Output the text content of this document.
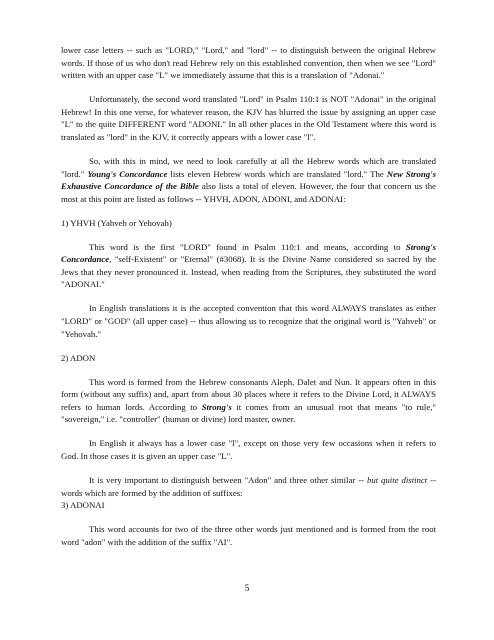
lower case letters -- such as "LORD," "Lord," and "lord" -- to distinguish between the original Hebrew words. If those of us who don't read Hebrew rely on this established convention, then when we see "Lord" written with an upper case "L" we immediately assume that this is a translation of "Adonai."

Unfortunately, the second word translated "Lord" in Psalm 110:1 is NOT "Adonai" in the original Hebrew! In this one verse, for whatever reason, the KJV has blurred the issue by assigning an upper case "L" to the quite DIFFERENT word "ADONI." In all other places in the Old Testament where this word is translated as "lord" in the KJV, it correctly appears with a lower case "l".

So, with this in mind, we need to look carefully at all the Hebrew words which are translated "lord." Young's Concordance lists eleven Hebrew words which are translated "lord." The New Strong's Exhaustive Concordance of the Bible also lists a total of eleven. However, the four that concern us the most at this point are listed as follows -- YHVH, ADON, ADONI, and ADONAI:

1) YHVH (Yahveh or Yehovah)

This word is the first "LORD" found in Psalm 110:1 and means, according to Strong's Concordance, "self-Existent" or "Eternal" (#3068). It is the Divine Name considered so sacred by the Jews that they never pronounced it. Instead, when reading from the Scriptures, they substituted the word "ADONAI."

In English translations it is the accepted convention that this word ALWAYS translates as either "LORD" or "GOD" (all upper case) -- thus allowing us to recognize that the original word is "Yahveh" or "Yehovah."

2) ADON

This word is formed from the Hebrew consonants Aleph, Dalet and Nun. It appears often in this form (without any suffix) and, apart from about 30 places where it refers to the Divine Lord, it ALWAYS refers to human lords. According to Strong's it comes from an unusual root that means "to rule," "sovereign," i.e. "controller" (human or divine) lord master, owner.

In English it always has a lower case "l", except on those very few occasions when it refers to God. In those cases it is given an upper case "L".

It is very important to distinguish between "Adon" and three other similar -- but quite distinct -- words which are formed by the addition of suffixes:

3) ADONAI

This word accounts for two of the three other words just mentioned and is formed from the root word "adon" with the addition of the suffix "AI".

5
